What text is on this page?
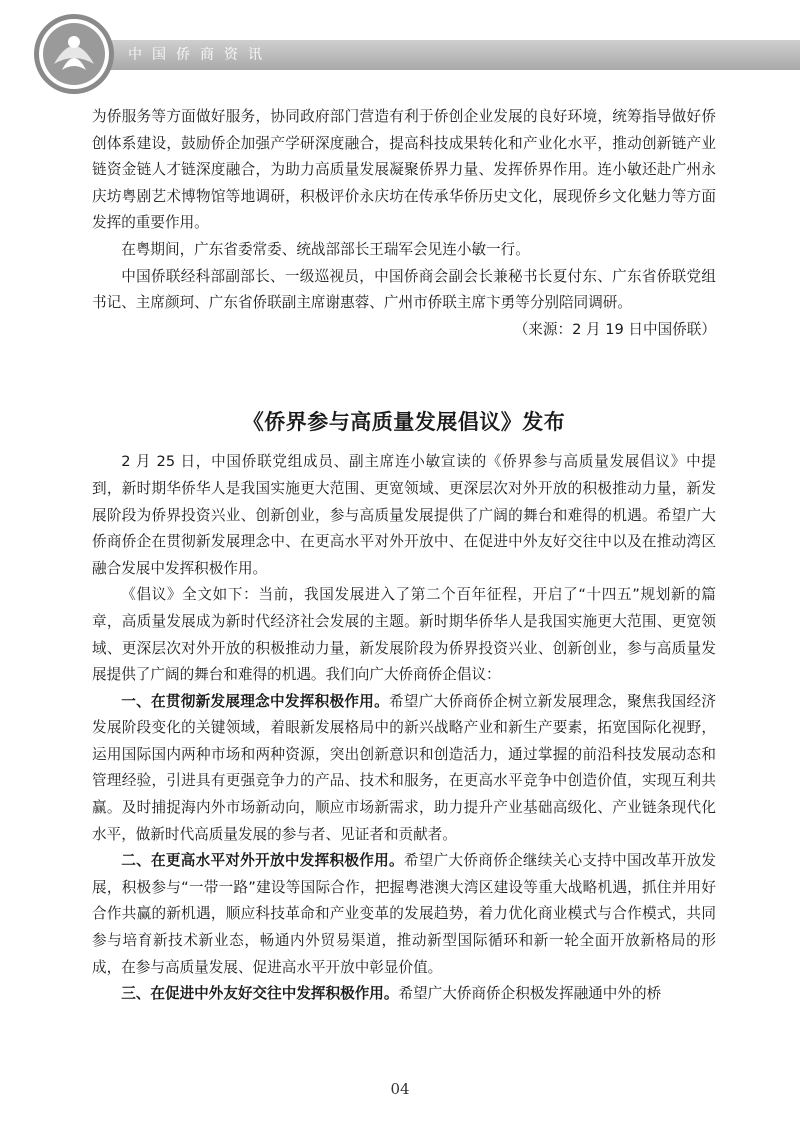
中国侨商资讯

为侨服务等方面做好服务，协同政府部门营造有利于侨创企业发展的良好环境，统筹指导做好侨创体系建设，鼓励侨企加强产学研深度融合，提高科技成果转化和产业化水平，推动创新链产业链资金链人才链深度融合，为助力高质量发展凝聚侨界力量、发挥侨界作用。连小敏还赴广州永庆坊粤剧艺术博物馆等地调研，积极评价永庆坊在传承华侨历史文化，展现侨乡文化魅力等方面发挥的重要作用。

在粤期间，广东省委常委、统战部部长王瑞军会见连小敏一行。

中国侨联经科部副部长、一级巡视员，中国侨商会副会长兼秘书长夏付东、广东省侨联党组书记、主席颜珂、广东省侨联副主席谢惠蓉、广州市侨联主席卞勇等分别陪同调研。

（来源：2 月 19 日中国侨联）

《侨界参与高质量发展倡议》发布

2 月 25 日，中国侨联党组成员、副主席连小敏宣读的《侨界参与高质量发展倡议》中提到，新时期华侨华人是我国实施更大范围、更宽领域、更深层次对外开放的积极推动力量，新发展阶段为侨界投资兴业、创新创业，参与高质量发展提供了广阔的舞台和难得的机遇。希望广大侨商侨企在贯彻新发展理念中、在更高水平对外开放中、在促进中外友好交往中以及在推动湾区融合发展中发挥积极作用。

《倡议》全文如下：当前，我国发展进入了第二个百年征程，开启了“十四五”规划新的篇章，高质量发展成为新时代经济社会发展的主题。新时期华侨华人是我国实施更大范围、更宽领域、更深层次对外开放的积极推动力量，新发展阶段为侨界投资兴业、创新创业，参与高质量发展提供了广阔的舞台和难得的机遇。我们向广大侨商侨企倡议：

一、在贯彻新发展理念中发挥积极作用。希望广大侨商侨企树立新发展理念，聚焦我国经济发展阶段变化的关键领域，着眼新发展格局中的新兴战略产业和新生产要素，拓宽国际化视野，运用国际国内两种市场和两种资源，突出创新意识和创造活力，通过掌握的前沿科技发展动态和管理经验，引进具有更强竞争力的产品、技术和服务，在更高水平竞争中创造价值，实现互利共赢。及时捕捉海内外市场新动向，顺应市场新需求，助力提升产业基础高级化、产业链条现代化水平，做新时代高质量发展的参与者、见证者和贡献者。

二、在更高水平对外开放中发挥积极作用。希望广大侨商侨企继续关心支持中国改革开放发展，积极参与“一带一路”建设等国际合作，把握粤港澳大湾区建设等重大战略机遇，抓住并用好合作共赢的新机遇，顺应科技革命和产业变革的发展趋势，着力优化商业模式与合作模式，共同参与培育新技术新业态，畅通内外贸易渠道，推动新型国际循环和新一轮全面开放新格局的形成，在参与高质量发展、促进高水平开放中彰显价值。

三、在促进中外友好交往中发挥积极作用。希望广大侨商侨企积极发挥融通中外的桥

04
